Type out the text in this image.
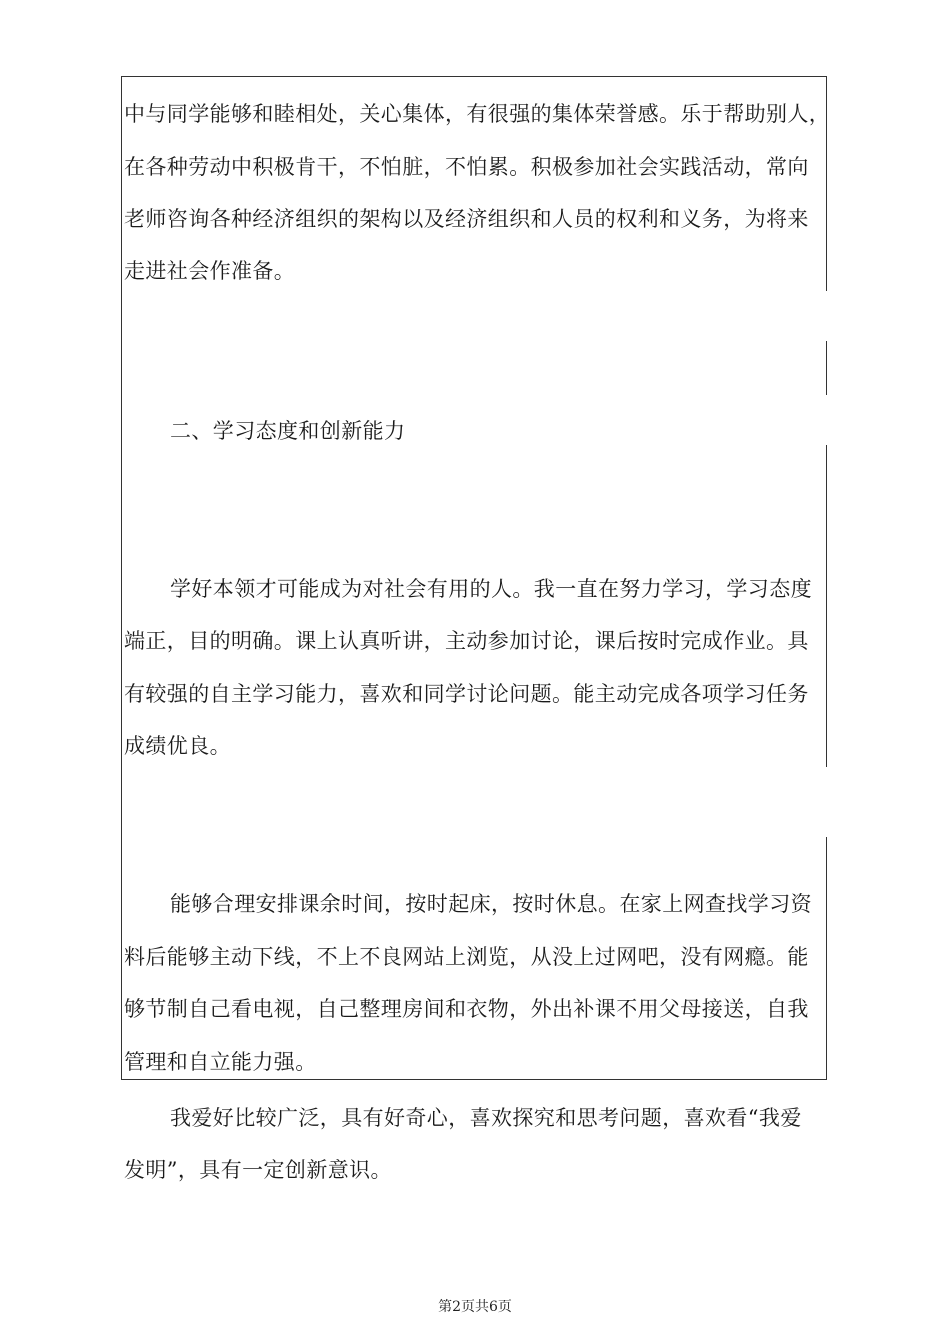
中与同学能够和睦相处，关心集体，有很强的集体荣誉感。乐于帮助别人，
在各种劳动中积极肯干，不怕脏，不怕累。积极参加社会实践活动，常向
老师咨询各种经济组织的架构以及经济组织和人员的权利和义务，为将来
走进社会作准备。
二、学习态度和创新能力
学好本领才可能成为对社会有用的人。我一直在努力学习，学习态度
端正，目的明确。课上认真听讲，主动参加讨论，课后按时完成作业。具
有较强的自主学习能力，喜欢和同学讨论问题。能主动完成各项学习任务
成绩优良。
能够合理安排课余时间，按时起床，按时休息。在家上网查找学习资
料后能够主动下线，不上不良网站上浏览，从没上过网吧，没有网瘾。能
够节制自己看电视，自己整理房间和衣物，外出补课不用父母接送，自我
管理和自立能力强。
我爱好比较广泛，具有好奇心，喜欢探究和思考问题，喜欢看“我爱
发明”，具有一定创新意识。
第2页共6页
